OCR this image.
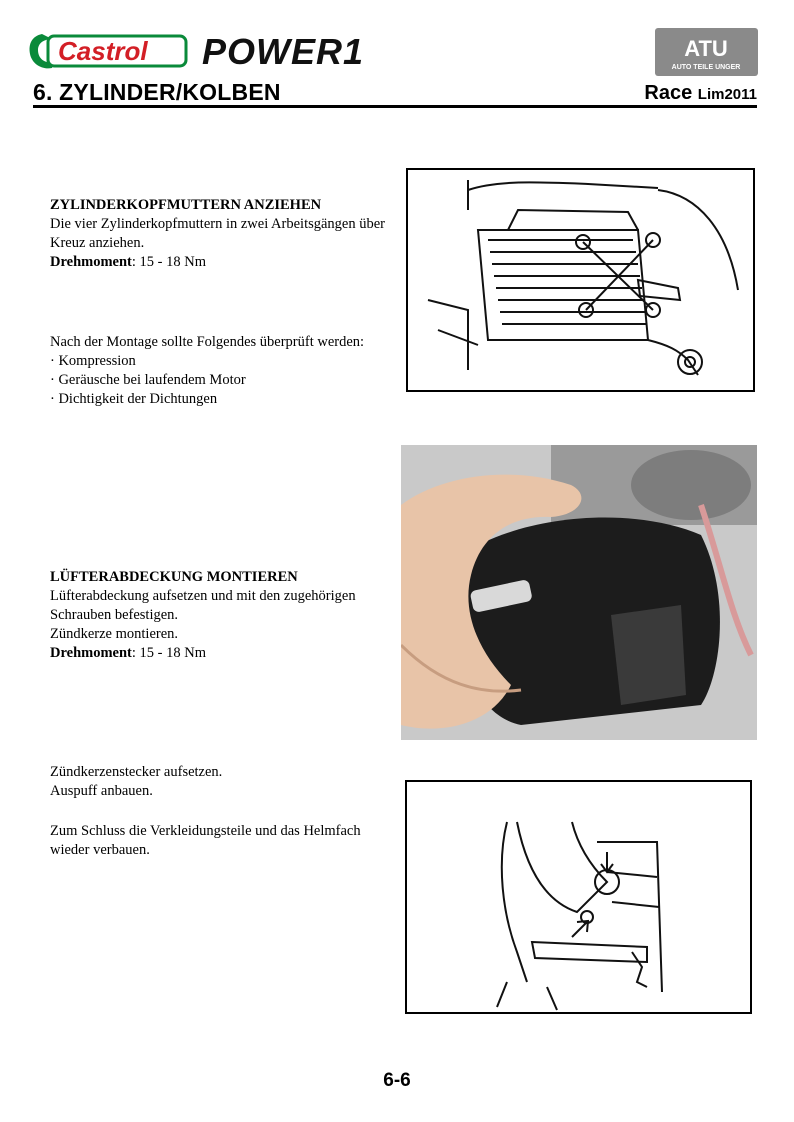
Castrol POWER1	ATU
AUTO TEILE UNGER
6. ZYLINDER/KOLBEN	Race Lim2011

ZYLINDERKOPFMUTTERN ANZIEHEN

Die vier Zylinderkopfmuttern in zwei Arbeitsgängen über Kreuz anziehen.

Drehmoment: 15 - 18 Nm

Nach der Montage sollte Folgendes überprüft werden:

· Kompression

· Geräusche bei laufendem Motor

· Dichtigkeit der Dichtungen

LÜFTERABDECKUNG MONTIEREN

Lüfterabdeckung aufsetzen und mit den zugehörigen Schrauben befestigen.

Zündkerze montieren.

Drehmoment: 15 - 18 Nm

Zündkerzenstecker aufsetzen.

Auspuff anbauen.

Zum Schluss die Verkleidungsteile und das Helmfach wieder verbauen.

6-6
